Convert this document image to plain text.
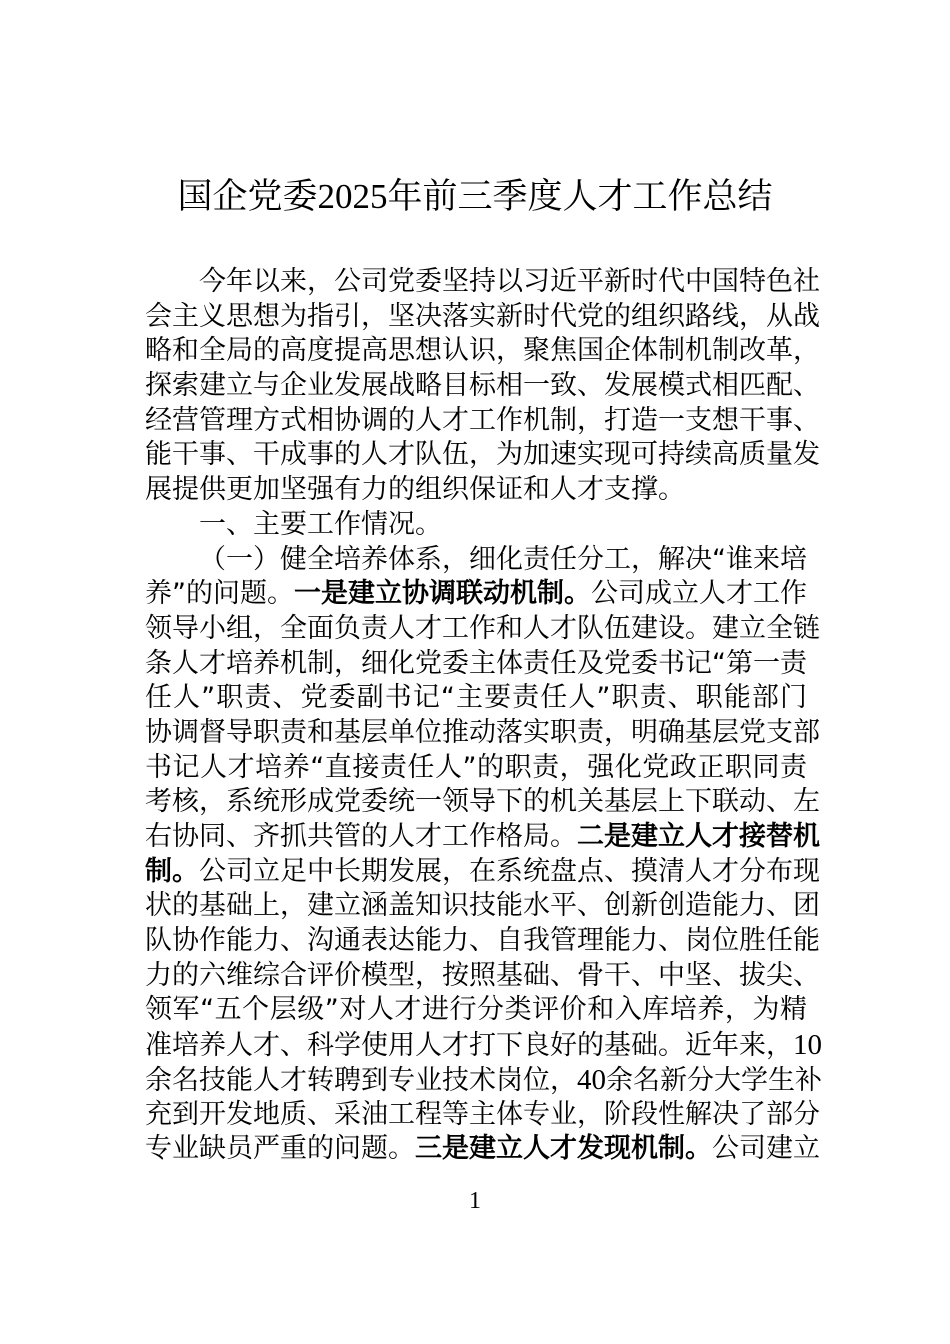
国企党委2025年前三季度人才工作总结
今年以来，公司党委坚持以习近平新时代中国特色社
会主义思想为指引，坚决落实新时代党的组织路线，从战
略和全局的高度提高思想认识，聚焦国企体制机制改革，
探索建立与企业发展战略目标相一致、发展模式相匹配、
经营管理方式相协调的人才工作机制，打造一支想干事、
能干事、干成事的人才队伍，为加速实现可持续高质量发
展提供更加坚强有力的组织保证和人才支撑。
一、主要工作情况。
（一）健全培养体系，细化责任分工，解决“谁来培
养”的问题。一是建立协调联动机制。公司成立人才工作
领导小组，全面负责人才工作和人才队伍建设。建立全链
条人才培养机制，细化党委主体责任及党委书记“第一责
任人”职责、党委副书记“主要责任人”职责、职能部门
协调督导职责和基层单位推动落实职责，明确基层党支部
书记人才培养“直接责任人”的职责，强化党政正职同责
考核，系统形成党委统一领导下的机关基层上下联动、左
右协同、齐抓共管的人才工作格局。二是建立人才接替机
制。公司立足中长期发展，在系统盘点、摸清人才分布现
状的基础上，建立涵盖知识技能水平、创新创造能力、团
队协作能力、沟通表达能力、自我管理能力、岗位胜任能
力的六维综合评价模型，按照基础、骨干、中坚、拔尖、
领军“五个层级”对人才进行分类评价和入库培养，为精
准培养人才、科学使用人才打下良好的基础。近年来，10
余名技能人才转聘到专业技术岗位，40余名新分大学生补
充到开发地质、采油工程等主体专业，阶段性解决了部分
专业缺员严重的问题。三是建立人才发现机制。公司建立
1
